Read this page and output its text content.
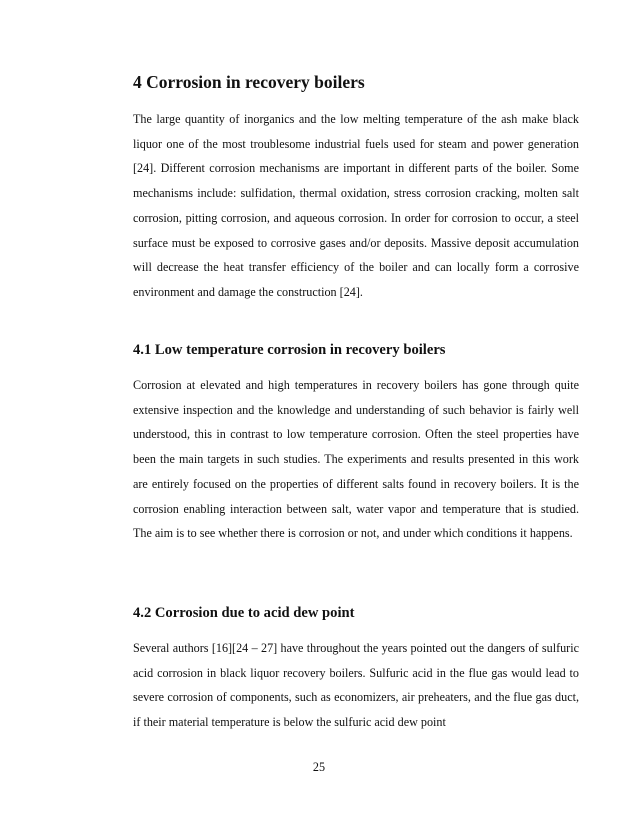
4 Corrosion in recovery boilers

The large quantity of inorganics and the low melting temperature of the ash make black liquor one of the most troublesome industrial fuels used for steam and power generation [24]. Different corrosion mechanisms are important in different parts of the boiler. Some mechanisms include: sulfidation, thermal oxidation, stress corrosion cracking, molten salt corrosion, pitting corrosion, and aqueous corrosion. In order for corrosion to occur, a steel surface must be exposed to corrosive gases and/or deposits. Massive deposit accumulation will decrease the heat transfer efficiency of the boiler and can locally form a corrosive environment and damage the construction [24].

4.1 Low temperature corrosion in recovery boilers

Corrosion at elevated and high temperatures in recovery boilers has gone through quite extensive inspection and the knowledge and understanding of such behavior is fairly well understood, this in contrast to low temperature corrosion. Often the steel properties have been the main targets in such studies. The experiments and results presented in this work are entirely focused on the properties of different salts found in recovery boilers. It is the corrosion enabling interaction between salt, water vapor and temperature that is studied. The aim is to see whether there is corrosion or not, and under which conditions it happens.

4.2 Corrosion due to acid dew point

Several authors [16][24 – 27] have throughout the years pointed out the dangers of sulfuric acid corrosion in black liquor recovery boilers. Sulfuric acid in the flue gas would lead to severe corrosion of components, such as economizers, air preheaters, and the flue gas duct, if their material temperature is below the sulfuric acid dew point

25
